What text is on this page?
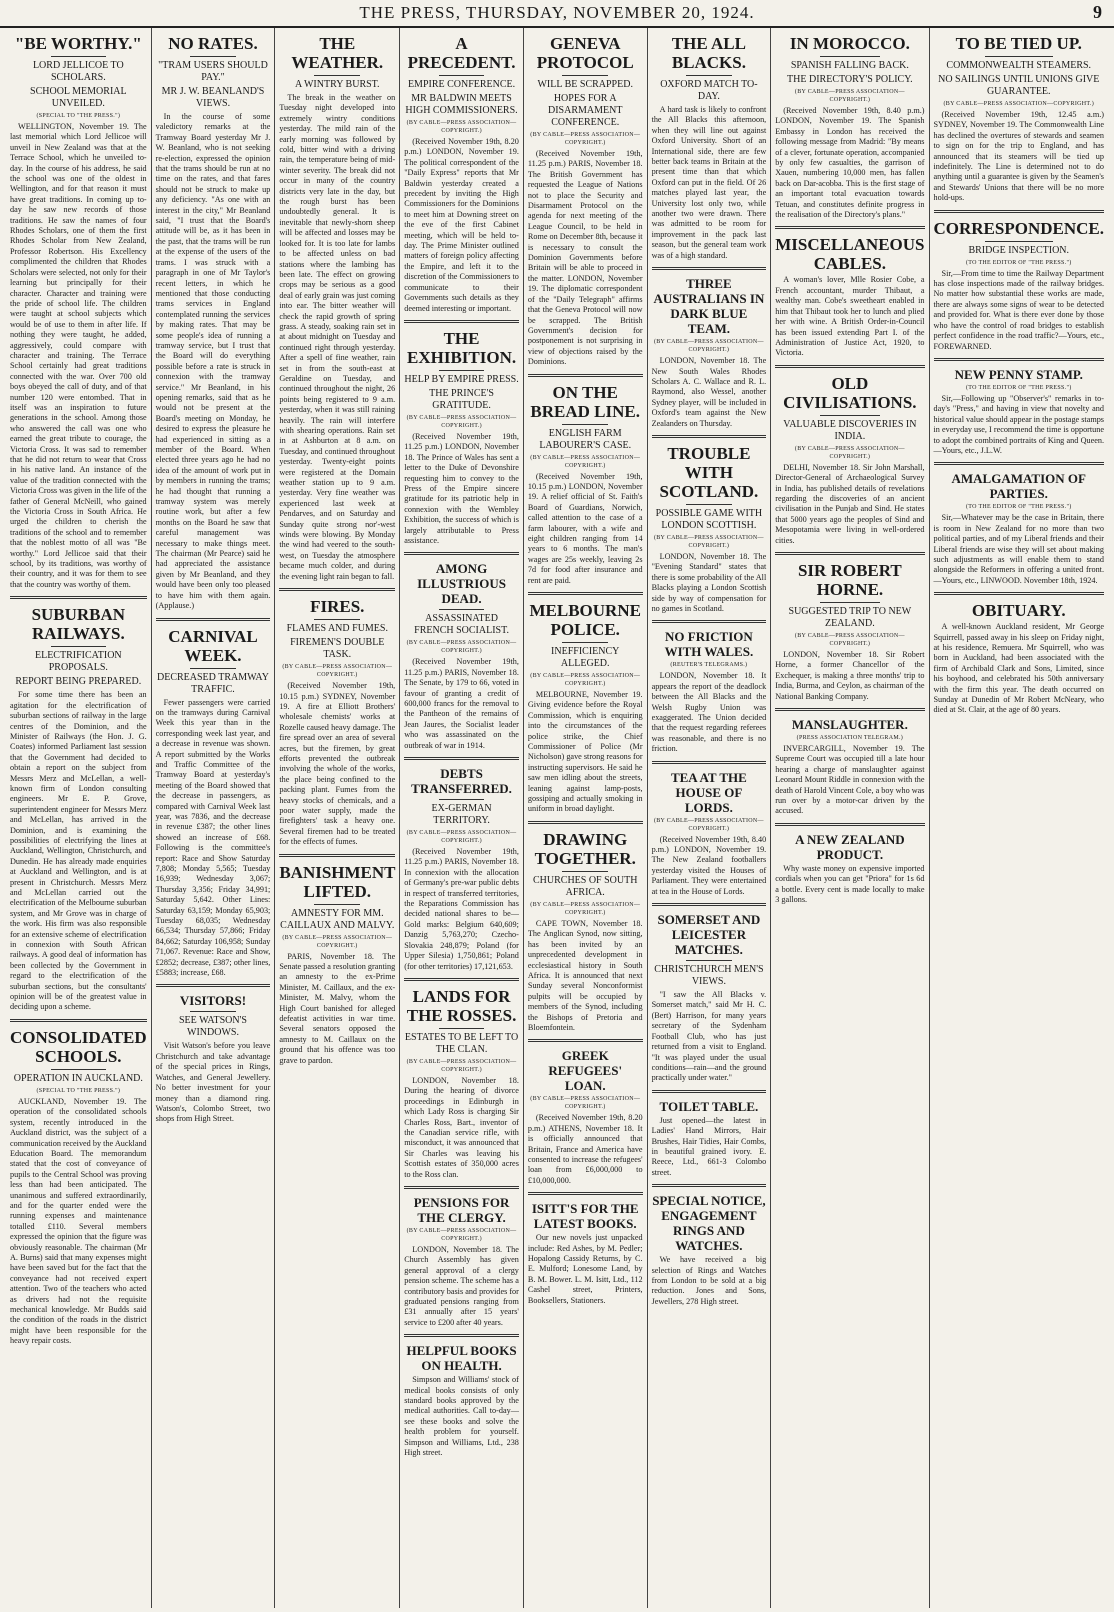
THE PRESS, THURSDAY, NOVEMBER 20, 1924.	9
"BE WORTHY."
LORD JELLICOE TO SCHOLARS.
SCHOOL MEMORIAL UNVEILED.
(SPECIAL TO "THE PRESS.")
WELLINGTON, November 19. The last memorial which Lord Jellicoe will unveil in New Zealand was that at the Terrace School, which he unveiled to-day. In the course of his address, he said the school was one of the oldest in Wellington, and for that reason it must have great traditions. In coming up to-day he saw new records of those traditions. He saw the names of four Rhodes Scholars, one of them the first Rhodes Scholar from New Zealand, Professor Robertson. His Excellency complimented the children that Rhodes Scholars were selected, not only for their learning but principally for their character. Character and training were the pride of school life. The children were taught at school subjects which would be of use to them in after life. If nothing they were taught, he added, aggressively, could compare with character and training. The Terrace School certainly had great traditions connected with the war. Over 700 old boys obeyed the call of duty, and of that number 120 were entombed. That in itself was an inspiration to future generations in the school. Among those who answered the call was one who earned the great tribute to courage, the Victoria Cross. It was sad to remember that he did not return to wear that Cross in his native land. An instance of the value of the tradition connected with the Victoria Cross was given in the life of the father of General McNeill, who gained the Victoria Cross in South Africa. He urged the children to cherish the traditions of the school and to remember that the noblest motto of all was "Be worthy." Lord Jellicoe said that their school, by its traditions, was worthy of their country, and it was for them to see that the country was worthy of them.
SUBURBAN RAILWAYS.
ELECTRIFICATION PROPOSALS.
REPORT BEING PREPARED.
For some time there has been an agitation for the electrification of suburban sections of railway in the large centres of the Dominion, and the Minister of Railways (the Hon. J. G. Coates) informed Parliament last session that the Government had decided to obtain a report on the subject from Messrs Merz and McLellan, a well-known firm of London consulting engineers. Mr E. P. Grove, superintendent engineer for Messrs Merz and McLellan, has arrived in the Dominion, and is examining the possibilities of electrifying the lines at Auckland, Wellington, Christchurch, and Dunedin. He has already made enquiries at Auckland and Wellington, and is at present in Christchurch. Messrs Merz and McLellan carried out the electrification of the Melbourne suburban system, and Mr Grove was in charge of the work. His firm was also responsible for an extensive scheme of electrification in connexion with South African railways. A good deal of information has been collected by the Government in regard to the electrification of the suburban sections, but the consultants' opinion will be of the greatest value in deciding upon a scheme.
CONSOLIDATED SCHOOLS.
OPERATION IN AUCKLAND.
(SPECIAL TO "THE PRESS.")
AUCKLAND, November 19. The operation of the consolidated schools system, recently introduced in the Auckland district, was the subject of a communication received by the Auckland Education Board. The memorandum stated that the cost of conveyance of pupils to the Central School was proving less than had been anticipated. The unanimous and suffered extraordinarily, and for the quarter ended were the running expenses and maintenance totalled £110. Several members expressed the opinion that the figure was obviously reasonable. The chairman (Mr A. Burns) said that many expenses might have been saved but for the fact that the conveyance had not received expert attention. Two of the teachers who acted as drivers had not the requisite mechanical knowledge. Mr Budds said the condition of the roads in the district might have been responsible for the heavy repair costs.
NO RATES.
"TRAM USERS SHOULD PAY."
MR J. W. BEANLAND'S VIEWS.
In the course of some valedictory remarks at the Tramway Board yesterday Mr J. W. Beanland, who is not seeking re-election, expressed the opinion that the trams should be run at no time on the rates, and that fares should not be struck to make up any deficiency. "As one with an interest in the city," Mr Beanland said, "I trust that the Board's attitude will be, as it has been in the past, that the trams will be run at the expense of the users of the trams. I was struck with a paragraph in one of Mr Taylor's recent letters, in which he mentioned that those conducting trams services in England contemplated running the services by making rates. That may be some people's idea of running a tramway service, but I trust that the Board will do everything possible before a rate is struck in connexion with the tramway service." Mr Beanland, in his opening remarks, said that as he would not be present at the Board's meeting on Monday, he desired to express the pleasure he had experienced in sitting as a member of the Board. When elected three years ago he had no idea of the amount of work put in by members in running the trams; he had thought that running a tramway system was merely routine work, but after a few months on the Board he saw that careful management was necessary to make things meet. The chairman (Mr Pearce) said he had appreciated the assistance given by Mr Beanland, and they would have been only too pleased to have him with them again. (Applause.)
CARNIVAL WEEK.
DECREASED TRAMWAY TRAFFIC.
Fewer passengers were carried on the tramways during Carnival Week this year than in the corresponding week last year, and a decrease in revenue was shown. A report submitted by the Works and Traffic Committee of the Tramway Board at yesterday's meeting of the Board showed that the decrease in passengers, as compared with Carnival Week last year, was 7836, and the decrease in revenue £387; the other lines showed an increase of £68. Following is the committee's report: Race and Show Saturday 7,808; Monday 5,565; Tuesday 16,939; Wednesday 3,067; Thursday 3,356; Friday 34,991; Saturday 5,642. Other Lines: Saturday 63,159; Monday 65,903; Tuesday 68,035; Wednesday 66,534; Thursday 57,866; Friday 84,662; Saturday 106,958; Sunday 71,067. Revenue: Race and Show, £2852; decrease, £387; other lines, £5883; increase, £68.
VISITORS!
SEE WATSON'S WINDOWS.
Visit Watson's before you leave Christchurch and take advantage of the special prices in Rings, Watches, and General Jewellery. No better investment for your money than a diamond ring. Watson's, Colombo Street, two shops from High Street.
THE WEATHER.
A WINTRY BURST.
The break in the weather on Tuesday night developed into extremely wintry conditions yesterday. The mild rain of the early morning was followed by cold, bitter wind with a driving rain, the temperature being of mid-winter severity. The break did not occur in many of the country districts very late in the day, but the rough burst has been undoubtedly general. It is inevitable that newly-shorn sheep will be affected and losses may be looked for. It is too late for lambs to be affected unless on bad stations where the lambing has been late. The effect on growing crops may be serious as a good deal of early grain was just coming into ear. The bitter weather will check the rapid growth of spring grass. A steady, soaking rain set in at about midnight on Tuesday and continued right through yesterday. After a spell of fine weather, rain set in from the south-east at Geraldine on Tuesday, and continued throughout the night, 26 points being registered to 9 a.m. yesterday, when it was still raining heavily. The rain will interfere with shearing operations. Rain set in at Ashburton at 8 a.m. on Tuesday, and continued throughout yesterday. Twenty-eight points were registered at the Domain weather station up to 9 a.m. yesterday. Very fine weather was experienced last week at Pendarves, and on Saturday and Sunday quite strong nor'-west winds were blowing. By Monday the wind had veered to the south-west, on Tuesday the atmosphere became much colder, and during the evening light rain began to fall.
FIRES.
FLAMES AND FUMES.
FIREMEN'S DOUBLE TASK.
(BY CABLE—PRESS ASSOCIATION—COPYRIGHT.)
(Received November 19th, 10.15 p.m.) SYDNEY, November 19. A fire at Elliott Brothers' wholesale chemists' works at Rozelle caused heavy damage. The fire spread over an area of several acres, but the firemen, by great efforts prevented the outbreak involving the whole of the works, the place being confined to the packing plant. Fumes from the heavy stocks of chemicals, and a poor water supply, made the firefighters' task a heavy one. Several firemen had to be treated for the effects of fumes.
BANISHMENT LIFTED.
AMNESTY FOR MM. CAILLAUX AND MALVY.
(BY CABLE—PRESS ASSOCIATION—COPYRIGHT.)
PARIS, November 18. The Senate passed a resolution granting an amnesty to the ex-Prime Minister, M. Caillaux, and the ex-Minister, M. Malvy, whom the High Court banished for alleged defeatist activities in war time. Several senators opposed the amnesty to M. Caillaux on the ground that his offence was too grave to pardon.
A PRECEDENT.
EMPIRE CONFERENCE.
MR BALDWIN MEETS HIGH COMMISSIONERS.
(BY CABLE—PRESS ASSOCIATION—COPYRIGHT.)
(Received November 19th, 8.20 p.m.) LONDON, November 19. The political correspondent of the "Daily Express" reports that Mr Baldwin yesterday created a precedent by inviting the High Commissioners for the Dominions to meet him at Downing street on the eve of the first Cabinet meeting, which will be held to-day. The Prime Minister outlined matters of foreign policy affecting the Empire, and left it to the discretion of the Commissioners to communicate to their Governments such details as they deemed interesting or important.
THE EXHIBITION.
HELP BY EMPIRE PRESS.
THE PRINCE'S GRATITUDE.
(BY CABLE—PRESS ASSOCIATION—COPYRIGHT.)
(Received November 19th, 11.25 p.m.) LONDON, November 18. The Prince of Wales has sent a letter to the Duke of Devonshire requesting him to convey to the Press of the Empire sincere gratitude for its patriotic help in connexion with the Wembley Exhibition, the success of which is largely attributable to Press assistance.
AMONG ILLUSTRIOUS DEAD.
ASSASSINATED FRENCH SOCIALIST.
(BY CABLE—PRESS ASSOCIATION—COPYRIGHT.)
(Received November 19th, 11.25 p.m.) PARIS, November 18. The Senate, by 179 to 66, voted in favour of granting a credit of 600,000 francs for the removal to the Pantheon of the remains of Jean Jaures, the Socialist leader who was assassinated on the outbreak of war in 1914.
DEBTS TRANSFERRED.
EX-GERMAN TERRITORY.
(BY CABLE—PRESS ASSOCIATION—COPYRIGHT.)
(Received November 19th, 11.25 p.m.) PARIS, November 18. In connexion with the allocation of Germany's pre-war public debts in respect of transferred territories, the Reparations Commission has decided national shares to be—Gold marks: Belgium 640,609; Danzig 5,763,270; Czecho-Slovakia 248,879; Poland (for Upper Silesia) 1,750,861; Poland (for other territories) 17,121,653.
LANDS FOR THE ROSSES.
ESTATES TO BE LEFT TO THE CLAN.
(BY CABLE—PRESS ASSOCIATION—COPYRIGHT.)
LONDON, November 18. During the hearing of divorce proceedings in Edinburgh in which Lady Ross is charging Sir Charles Ross, Bart., inventor of the Canadian service rifle, with misconduct, it was announced that Sir Charles was leaving his Scottish estates of 350,000 acres to the Ross clan.
PENSIONS FOR THE CLERGY.
(BY CABLE—PRESS ASSOCIATION—COPYRIGHT.)
LONDON, November 18. The Church Assembly has given general approval of a clergy pension scheme. The scheme has a contributory basis and provides for graduated pensions ranging from £31 annually after 15 years' service to £200 after 40 years.
HELPFUL BOOKS ON HEALTH.
Simpson and Williams' stock of medical books consists of only standard books approved by the medical authorities. Call to-day—see these books and solve the health problem for yourself. Simpson and Williams, Ltd., 238 High street.
GENEVA PROTOCOL
WILL BE SCRAPPED.
HOPES FOR A DISARMAMENT CONFERENCE.
(BY CABLE—PRESS ASSOCIATION—COPYRIGHT.)
(Received November 19th, 11.25 p.m.) PARIS, November 18. The British Government has requested the League of Nations not to place the Security and Disarmament Protocol on the agenda for next meeting of the League Council, to be held in Rome on December 8th, because it is necessary to consult the Dominion Governments before Britain will be able to proceed in the matter. LONDON, November 19. The diplomatic correspondent of the "Daily Telegraph" affirms that the Geneva Protocol will now be scrapped. The British Government's decision for postponement is not surprising in view of objections raised by the Dominions.
ON THE BREAD LINE.
ENGLISH FARM LABOURER'S CASE.
(BY CABLE—PRESS ASSOCIATION—COPYRIGHT.)
(Received November 19th, 10.15 p.m.) LONDON, November 19. A relief official of St. Faith's Board of Guardians, Norwich, called attention to the case of a farm labourer, with a wife and eight children ranging from 14 years to 6 months. The man's wages are 25s weekly, leaving 2s 7d for food after insurance and rent are paid.
MELBOURNE POLICE.
INEFFICIENCY ALLEGED.
(BY CABLE—PRESS ASSOCIATION—COPYRIGHT.)
MELBOURNE, November 19. Giving evidence before the Royal Commission, which is enquiring into the circumstances of the police strike, the Chief Commissioner of Police (Mr Nicholson) gave strong reasons for instructing supervisors. He said he saw men idling about the streets, leaning against lamp-posts, gossiping and actually smoking in uniform in broad daylight.
DRAWING TOGETHER.
CHURCHES OF SOUTH AFRICA.
(BY CABLE—PRESS ASSOCIATION—COPYRIGHT.)
CAPE TOWN, November 18. The Anglican Synod, now sitting, has been invited by an unprecedented development in ecclesiastical history in South Africa. It is announced that next Sunday several Nonconformist pulpits will be occupied by members of the Synod, including the Bishops of Pretoria and Bloemfontein.
GREEK REFUGEES' LOAN.
(BY CABLE—PRESS ASSOCIATION—COPYRIGHT.)
(Received November 19th, 8.20 p.m.) ATHENS, November 18. It is officially announced that Britain, France and America have consented to increase the refugees' loan from £6,000,000 to £10,000,000.
ISITT'S FOR THE LATEST BOOKS.
Our new novels just unpacked include: Red Ashes, by M. Pedler; Hopalong Cassidy Returns, by C. E. Mulford; Lonesome Land, by B. M. Bower. L. M. Isitt, Ltd., 112 Cashel street, Printers, Booksellers, Stationers.
THE ALL BLACKS.
OXFORD MATCH TO-DAY.
A hard task is likely to confront the All Blacks this afternoon, when they will line out against Oxford University. Short of an International side, there are few better back teams in Britain at the present time than that which Oxford can put in the field. Of 26 matches played last year, the University lost only two, while another two were drawn. There was admitted to be room for improvement in the pack last season, but the general team work was of a high standard.
THREE AUSTRALIANS IN DARK BLUE TEAM.
(BY CABLE—PRESS ASSOCIATION—COPYRIGHT.)
LONDON, November 18. The New South Wales Rhodes Scholars A. C. Wallace and R. L. Raymond, also Wessel, another Sydney player, will be included in Oxford's team against the New Zealanders on Thursday.
TROUBLE WITH SCOTLAND.
POSSIBLE GAME WITH LONDON SCOTTISH.
(BY CABLE—PRESS ASSOCIATION—COPYRIGHT.)
LONDON, November 18. The "Evening Standard" states that there is some probability of the All Blacks playing a London Scottish side by way of compensation for no games in Scotland.
NO FRICTION WITH WALES.
(REUTER'S TELEGRAMS.)
LONDON, November 18. It appears the report of the deadlock between the All Blacks and the Welsh Rugby Union was exaggerated. The Union decided that the request regarding referees was reasonable, and there is no friction.
TEA AT THE HOUSE OF LORDS.
(BY CABLE—PRESS ASSOCIATION—COPYRIGHT.)
(Received November 19th, 8.40 p.m.) LONDON, November 19. The New Zealand footballers yesterday visited the Houses of Parliament. They were entertained at tea in the House of Lords.
SOMERSET AND LEICESTER MATCHES.
CHRISTCHURCH MEN'S VIEWS.
"I saw the All Blacks v. Somerset match," said Mr H. C. (Bert) Harrison, for many years secretary of the Sydenham Football Club, who has just returned from a visit to England. "It was played under the usual conditions—rain—and the ground practically under water."
TOILET TABLE.
Just opened—the latest in Ladies' Hand Mirrors, Hair Brushes, Hair Tidies, Hair Combs, in beautiful grained ivory. E. Reece, Ltd., 661-3 Colombo street.
SPECIAL NOTICE, ENGAGEMENT RINGS AND WATCHES.
We have received a big selection of Rings and Watches from London to be sold at a big reduction. Jones and Sons, Jewellers, 278 High street.
IN MOROCCO.
SPANISH FALLING BACK.
THE DIRECTORY'S POLICY.
(BY CABLE—PRESS ASSOCIATION—COPYRIGHT.)
(Received November 19th, 8.40 p.m.) LONDON, November 19. The Spanish Embassy in London has received the following message from Madrid: "By means of a clever, fortunate operation, accompanied by only few casualties, the garrison of Xauen, numbering 10,000 men, has fallen back on Dar-acobba. This is the first stage of an important total evacuation towards Tetuan, and constitutes definite progress in the realisation of the Directory's plans."
MISCELLANEOUS CABLES.
A woman's lover, Mlle Rosier Cobe, a French accountant, murder Thibaut, a wealthy man. Cobe's sweetheart enabled in him that Thibaut took her to lunch and plied her with wine. A British Order-in-Council has been issued extending Part I. of the Administration of Justice Act, 1920, to Victoria.
OLD CIVILISATIONS.
VALUABLE DISCOVERIES IN INDIA.
(BY CABLE—PRESS ASSOCIATION—COPYRIGHT.)
DELHI, November 18. Sir John Marshall, Director-General of Archaeological Survey in India, has published details of revelations regarding the discoveries of an ancient civilisation in the Punjab and Sind. He states that 5000 years ago the peoples of Sind and Mesopotamia were living in well-ordered cities.
SIR ROBERT HORNE.
SUGGESTED TRIP TO NEW ZEALAND.
(BY CABLE—PRESS ASSOCIATION—COPYRIGHT.)
LONDON, November 18. Sir Robert Horne, a former Chancellor of the Exchequer, is making a three months' trip to India, Burma, and Ceylon, as chairman of the National Banking Company.
MANSLAUGHTER.
(PRESS ASSOCIATION TELEGRAM.)
INVERCARGILL, November 19. The Supreme Court was occupied till a late hour hearing a charge of manslaughter against Leonard Mount Riddle in connexion with the death of Harold Vincent Cole, a boy who was run over by a motor-car driven by the accused.
A NEW ZEALAND PRODUCT.
Why waste money on expensive imported cordials when you can get "Priora" for 1s 6d a bottle. Every cent is made locally to make 3 gallons.
TO BE TIED UP.
COMMONWEALTH STEAMERS.
NO SAILINGS UNTIL UNIONS GIVE GUARANTEE.
(BY CABLE—PRESS ASSOCIATION—COPYRIGHT.)
(Received November 19th, 12.45 a.m.) SYDNEY, November 19. The Commonwealth Line has declined the overtures of stewards and seamen to sign on for the trip to England, and has announced that its steamers will be tied up indefinitely. The Line is determined not to do anything until a guarantee is given by the Seamen's and Stewards' Unions that there will be no more hold-ups.
CORRESPONDENCE.
BRIDGE INSPECTION.
(TO THE EDITOR OF "THE PRESS.")
Sir,—From time to time the Railway Department has close inspections made of the railway bridges. No matter how substantial these works are made, there are always some signs of wear to be detected and provided for. What is there ever done by those who have the control of road bridges to establish perfect confidence in the road traffic?—Yours, etc., FOREWARNED.
NEW PENNY STAMP.
(TO THE EDITOR OF "THE PRESS.")
Sir,—Following up "Observer's" remarks in to-day's "Press," and having in view that novelty and historical value should appear in the postage stamps in everyday use, I recommend the time is opportune to adopt the combined portraits of King and Queen.—Yours, etc., J.L.W.
AMALGAMATION OF PARTIES.
(TO THE EDITOR OF "THE PRESS.")
Sir,—Whatever may be the case in Britain, there is room in New Zealand for no more than two political parties, and of my Liberal friends and their Liberal friends are wise they will set about making such adjustments as will enable them to stand alongside the Reformers in offering a united front.—Yours, etc., LINWOOD. November 18th, 1924.
OBITUARY.
A well-known Auckland resident, Mr George Squirrell, passed away in his sleep on Friday night, at his residence, Remuera. Mr Squirrell, who was born in Auckland, had been associated with the firm of Archibald Clark and Sons, Limited, since his boyhood, and celebrated his 50th anniversary with the firm this year. The death occurred on Sunday at Dunedin of Mr Robert McNeary, who died at St. Clair, at the age of 80 years.
